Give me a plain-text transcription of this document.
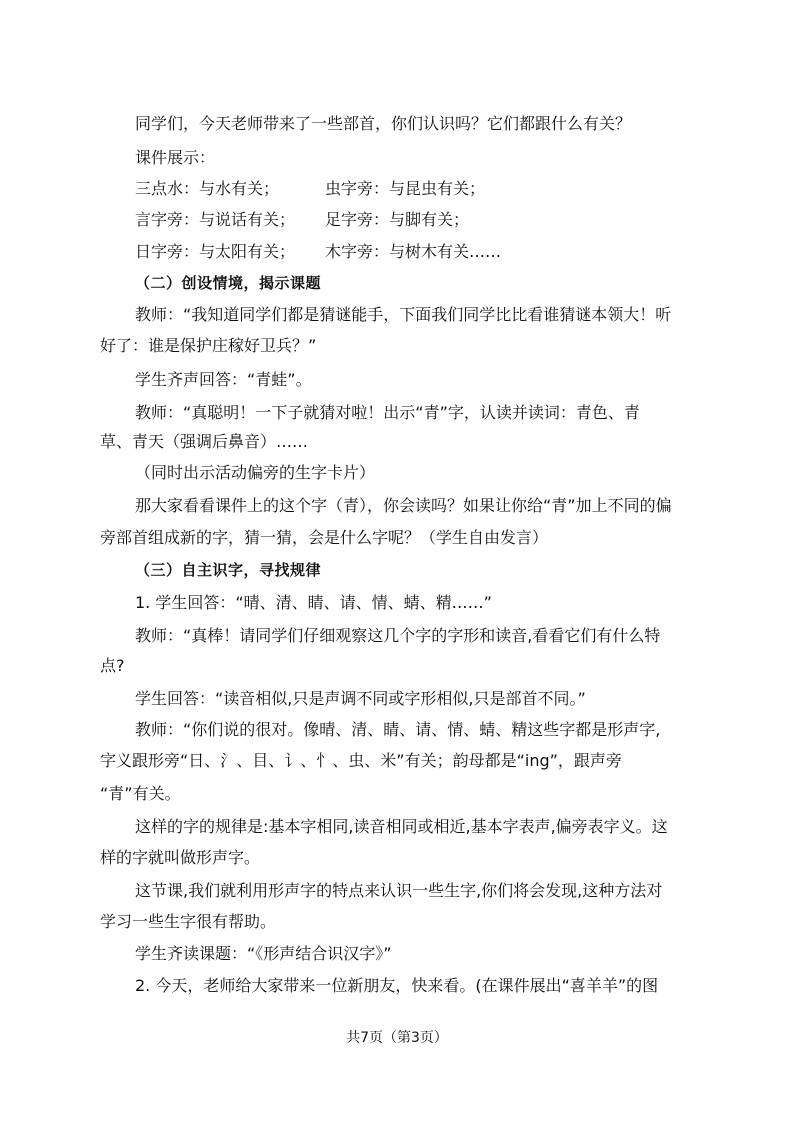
同学们，今天老师带来了一些部首，你们认识吗？它们都跟什么有关？
课件展示：
三点水：与水有关；	虫字旁：与昆虫有关；
言字旁：与说话有关； 足字旁：与脚有关；
日字旁：与太阳有关； 木字旁：与树木有关……
（二）创设情境，揭示课题
教师：“我知道同学们都是猜谜能手，下面我们同学比比看谁猜谜本领大！听
好了：谁是保护庄稼好卫兵？”
学生齐声回答：“青蛙”。
教师：“真聪明！一下子就猜对啦！出示“青”字，认读并读词：青色、青
草、青天（强调后鼻音）……
（同时出示活动偏旁的生字卡片）
那大家看看课件上的这个字（青），你会读吗？如果让你给“青”加上不同的偏
旁部首组成新的字，猜一猜，会是什么字呢？（学生自由发言）
（三）自主识字，寻找规律
1. 学生回答：“晴、清、睛、请、情、蜻、精……”
教师：“真棒！请同学们仔细观察这几个字的字形和读音,看看它们有什么特
点?
学生回答：“读音相似,只是声调不同或字形相似,只是部首不同。”
教师：“你们说的很对。像晴、清、睛、请、情、蜻、精这些字都是形声字,
字义跟形旁“日、氵、目、讠、忄、虫、米”有关；韵母都是“ing”，跟声旁
“青”有关。
这样的字的规律是:基本字相同,读音相同或相近,基本字表声,偏旁表字义。这
样的字就叫做形声字。
这节课,我们就利用形声字的特点来认识一些生字,你们将会发现,这种方法对
学习一些生字很有帮助。
学生齐读课题：“《形声结合识汉字》”
2. 今天，老师给大家带来一位新朋友，快来看。(在课件展出“喜羊羊”的图
共7页（第3页）
